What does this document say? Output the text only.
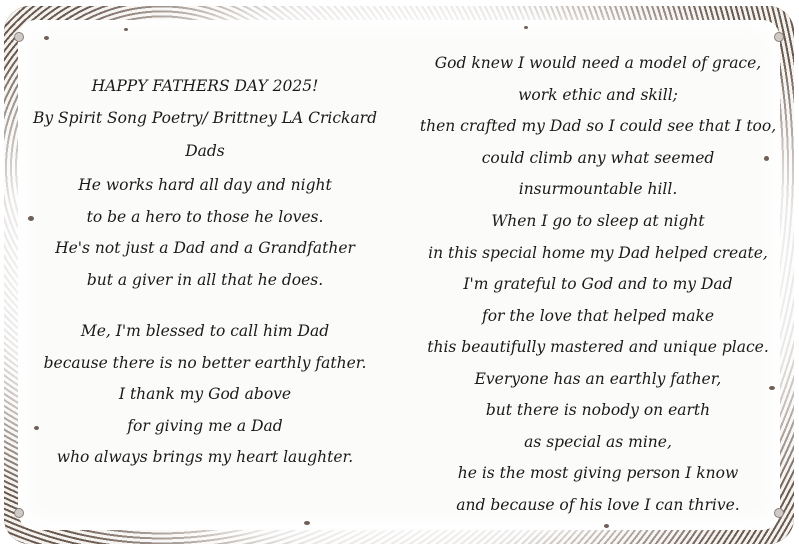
HAPPY FATHERS DAY 2025!
By Spirit Song Poetry/ Brittney LA Crickard
Dads
He works hard all day and night
to be a hero to those he loves.
He's not just a Dad and a Grandfather
but a giver in all that he does.
Me, I'm blessed to call him Dad
because there is no better earthly father.
I thank my God above
for giving me a Dad
who always brings my heart laughter.
God knew I would need a model of grace,
work ethic and skill;
then crafted my Dad so I could see that I too,
could climb any what seemed
insurmountable hill.
When I go to sleep at night
in this special home my Dad helped create,
I'm grateful to God and to my Dad
for the love that helped make
this beautifully mastered and unique place.
Everyone has an earthly father,
but there is nobody on earth
as special as mine,
he is the most giving person I know
and because of his love I can thrive.
